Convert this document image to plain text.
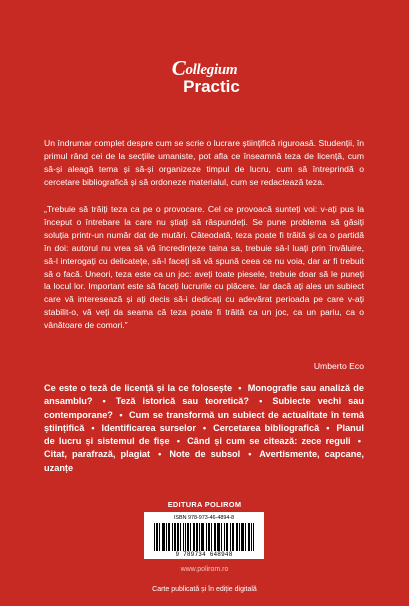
Collegium
Practic

Un îndrumar complet despre cum se scrie o lucrare științifică riguroasă. Studenții, în primul rând cei de la secțiile umaniste, pot afla ce înseamnă teza de licență, cum să-și aleagă tema și să-și organizeze timpul de lucru, cum să întreprindă o cercetare bibliografică și să ordoneze materialul, cum se redactează teza.

„Trebuie să trăiți teza ca pe o provocare. Cel ce provoacă sunteți voi: v-ați pus la început o întrebare la care nu știați să răspundeți. Se pune problema să găsiți soluția printr-un număr dat de mutări. Câteodată, teza poate fi trăită și ca o partidă în doi: autorul nu vrea să vă încredințeze taina sa, trebuie să-l luați prin învăluire, să-l interogați cu delicatețe, să-l faceți să vă spună ceea ce nu voia, dar ar fi trebuit să o facă. Uneori, teza este ca un joc: aveți toate piesele, trebuie doar să le puneți la locul lor. Important este să faceți lucrurile cu plăcere. Iar dacă ați ales un subiect care vă interesează și ați decis să-i dedicați cu adevărat perioada pe care v-ați stabilit-o, vă veți da seama că teza poate fi trăită ca un joc, ca un pariu, ca o vânătoare de comori.”

Umberto Eco

Ce este o teză de licență și la ce folosește • Monografie sau analiză de ansamblu? • Teză istorică sau teoretică? • Subiecte vechi sau contemporane? • Cum se transformă un subiect de actualitate în temă științifică • Identificarea surselor • Cercetarea bibliografică • Planul de lucru și sistemul de fișe • Când și cum se citează: zece reguli • Citat, parafrază, plagiat • Note de subsol • Avertismente, capcane, uzanțe

EDITURA POLIROM
ISBN 978-973-46-4894-8
9 789734 648948
www.polirom.ro
Carte publicată și în ediție digitală
